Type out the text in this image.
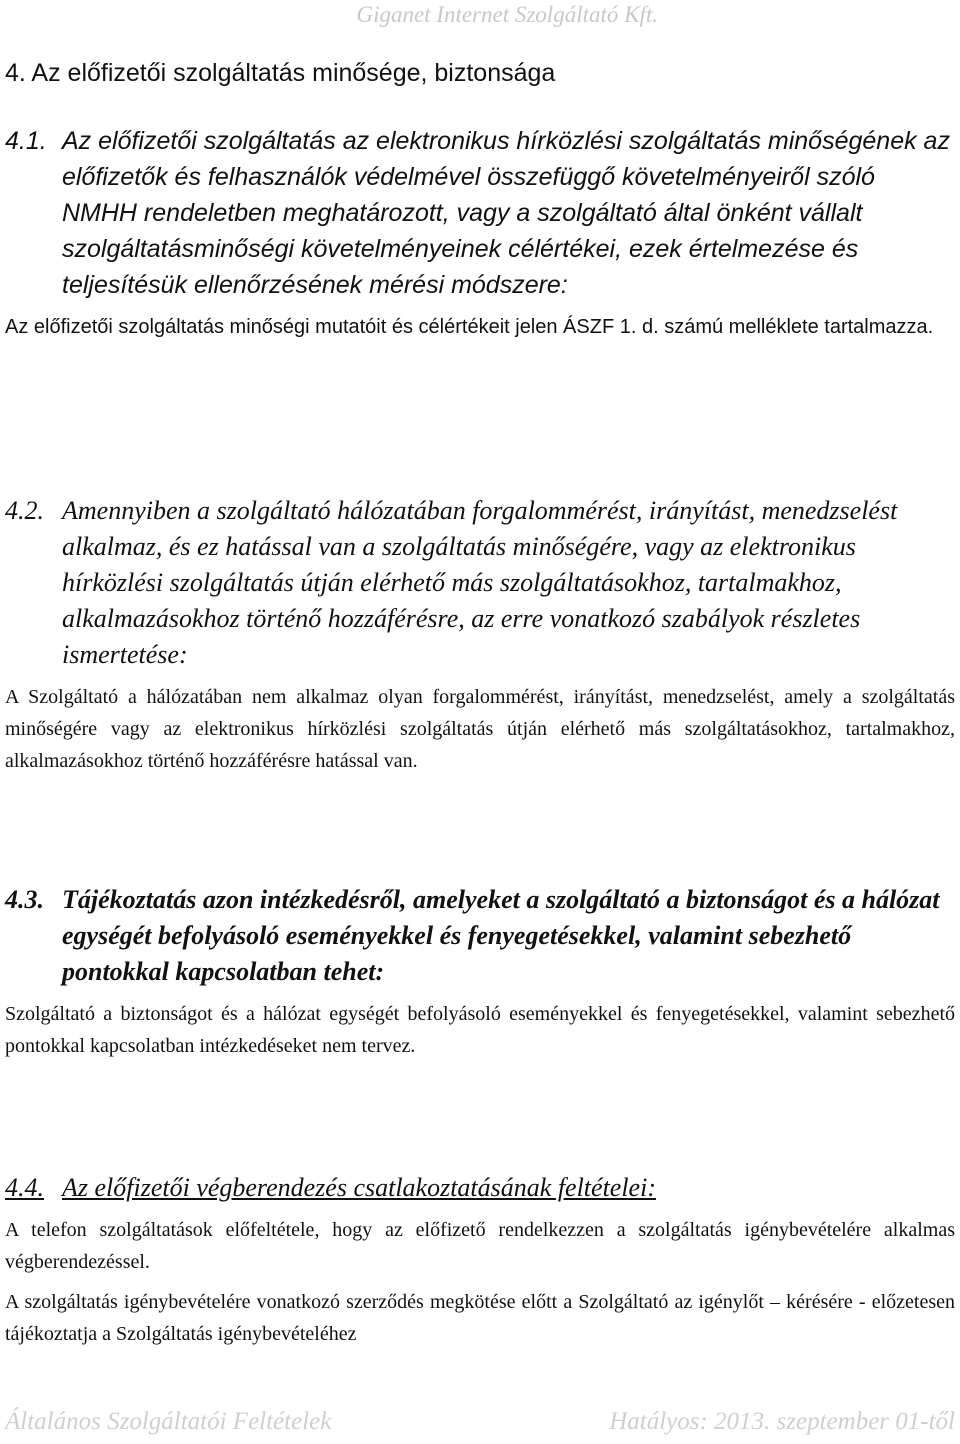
Giganet Internet Szolgáltató Kft.
4. Az előfizetői szolgáltatás minősége, biztonsága
4.1. Az előfizetői szolgáltatás az elektronikus hírközlési szolgáltatás minőségének az előfizetők és felhasználók védelmével összefüggő követelményeiről szóló NMHH rendeletben meghatározott, vagy a szolgáltató által önként vállalt szolgáltatásminőségi követelményeinek célértékei, ezek értelmezése és teljesítésük ellenőrzésének mérési módszere:

Az előfizetői szolgáltatás minőségi mutatóit és célértékeit jelen ÁSZF 1. d. számú melléklete tartalmazza.

4.2. Amennyiben a szolgáltató hálózatában forgalommérést, irányítást, menedzselést alkalmaz, és ez hatással van a szolgáltatás minőségére, vagy az elektronikus hírközlési szolgáltatás útján elérhető más szolgáltatásokhoz, tartalmakhoz, alkalmazásokhoz történő hozzáférésre, az erre vonatkozó szabályok részletes ismertetése:

A Szolgáltató a hálózatában nem alkalmaz olyan forgalommérést, irányítást, menedzselést, amely a szolgáltatás minőségére vagy az elektronikus hírközlési szolgáltatás útján elérhető más szolgáltatásokhoz, tartalmakhoz, alkalmazásokhoz történő hozzáférésre hatással van.

4.3. Tájékoztatás azon intézkedésről, amelyeket a szolgáltató a biztonságot és a hálózat egységét befolyásoló eseményekkel és fenyegetésekkel, valamint sebezhető pontokkal kapcsolatban tehet:

Szolgáltató a biztonságot és a hálózat egységét befolyásoló eseményekkel és fenyegetésekkel, valamint sebezhető pontokkal kapcsolatban intézkedéseket nem tervez.

4.4. Az előfizetői végberendezés csatlakoztatásának feltételei:

A telefon szolgáltatások előfeltétele, hogy az előfizető rendelkezzen a szolgáltatás igénybevételére alkalmas végberendezéssel.

A szolgáltatás igénybevételére vonatkozó szerződés megkötése előtt a Szolgáltató az igénylőt – kérésére - előzetesen tájékoztatja a Szolgáltatás igénybevételéhez

Általános Szolgáltatói Feltételek	Hatályos: 2013. szeptember 01-től
